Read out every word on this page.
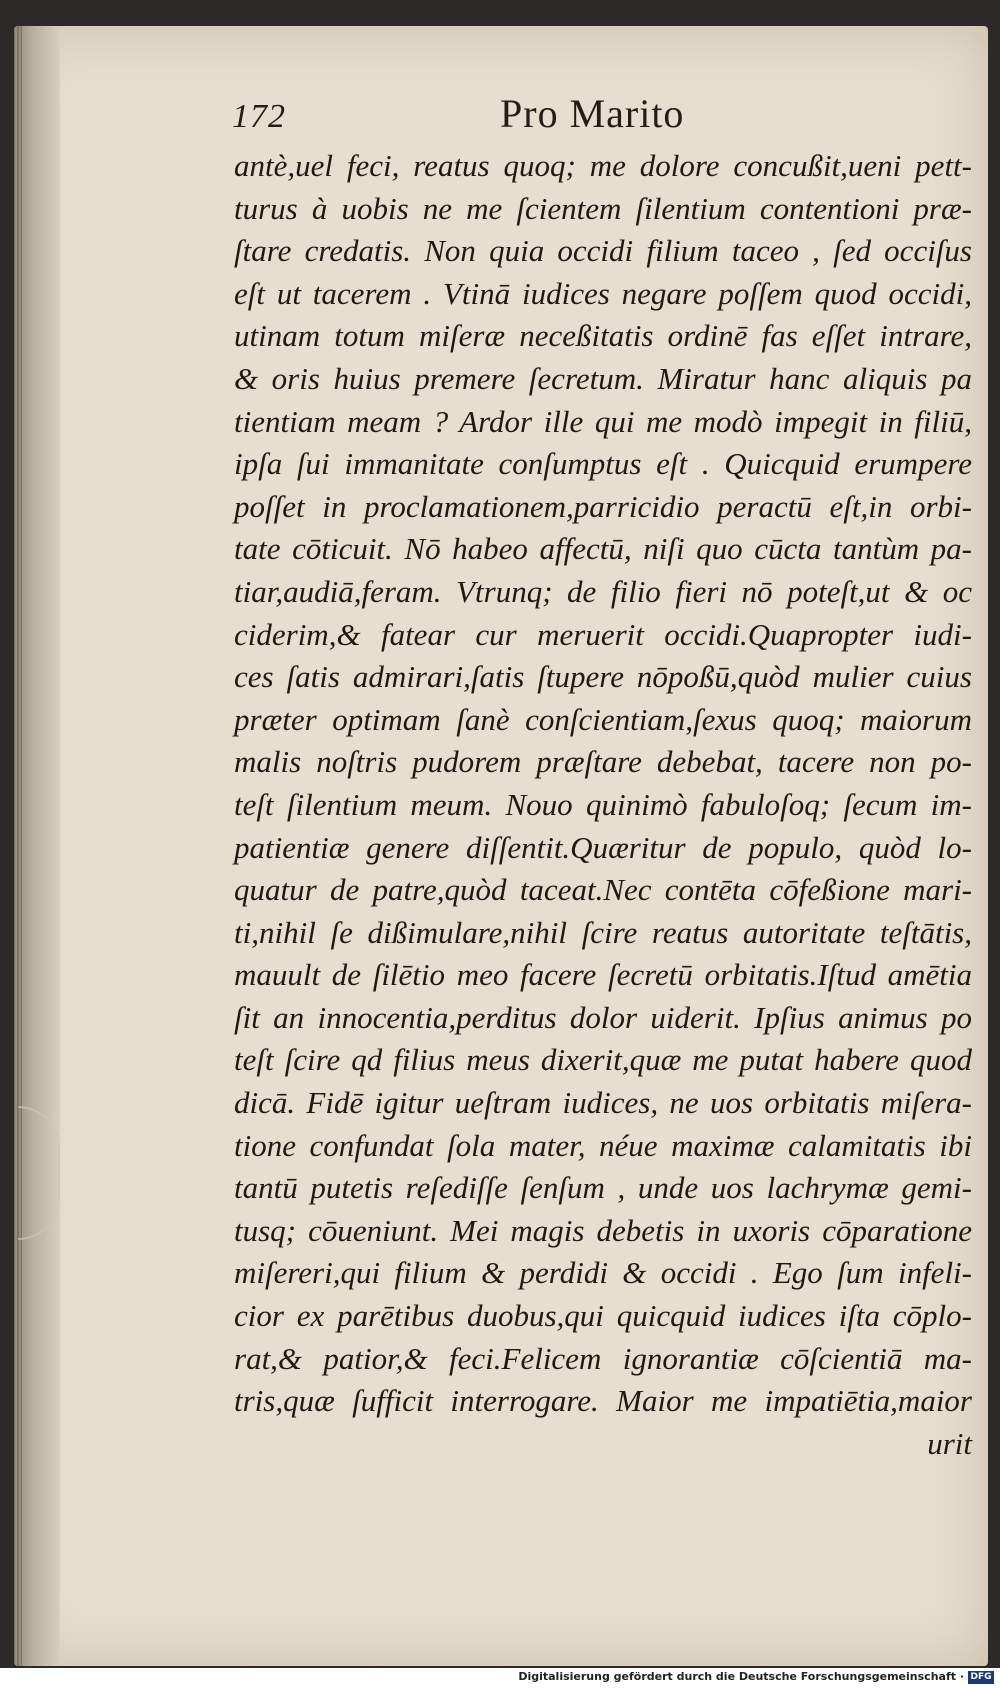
172	Pro Marito
antè,uel feci, reatus quoq; me dolore concußit,ueni pett-
turus à uobis ne me ſcientem ſilentium contentioni præ-
ſtare credatis. Non quia occidi filium taceo , ſed occiſus
eſt ut tacerem . Vtinā iudices negare poſſem quod occidi,
utinam totum miſeræ neceßitatis ordinē fas eſſet intrare,
& oris huius premere ſecretum. Miratur hanc aliquis pa
tientiam meam ? Ardor ille qui me modò impegit in filiū,
ipſa ſui immanitate conſumptus eſt . Quicquid erumpere
poſſet in proclamationem,parricidio peractū eſt,in orbi-
tate cōticuit. Nō habeo affectū, niſi quo cūcta tantùm pa-
tiar,audiā,feram. Vtrunq; de filio fieri nō poteſt,ut & oc
ciderim,& fatear cur meruerit occidi.Quapropter iudi-
ces ſatis admirari,ſatis ſtupere nōpoßū,quòd mulier cuius
præter optimam ſanè conſcientiam,ſexus quoq; maiorum
malis noſtris pudorem præſtare debebat, tacere non po-
teſt ſilentium meum. Nouo quinimò fabuloſoq; ſecum im-
patientiæ genere diſſentit.Quæritur de populo, quòd lo-
quatur de patre,quòd taceat.Nec contēta cōfeßione mari-
ti,nihil ſe dißimulare,nihil ſcire reatus autoritate teſtātis,
mauult de ſilētio meo facere ſecretū orbitatis.Iſtud amētia
ſit an innocentia,perditus dolor uiderit. Ipſius animus po
teſt ſcire qd filius meus dixerit,quæ me putat habere quod
dicā. Fidē igitur ueſtram iudices, ne uos orbitatis miſera-
tione confundat ſola mater, néue maximæ calamitatis ibi
tantū putetis reſediſſe ſenſum , unde uos lachrymæ gemi-
tusq; cōueniunt. Mei magis debetis in uxoris cōparatione
miſereri,qui filium & perdidi & occidi . Ego ſum infeli-
cior ex parētibus duobus,qui quicquid iudices iſta cōplo-
rat,& patior,& feci.Felicem ignorantiæ cōſcientiā ma-
tris,quæ ſufficit interrogare. Maior me impatiētia,maior
urit
Digitalisierung gefördert durch die Deutsche Forschungsgemeinschaft · DFG
